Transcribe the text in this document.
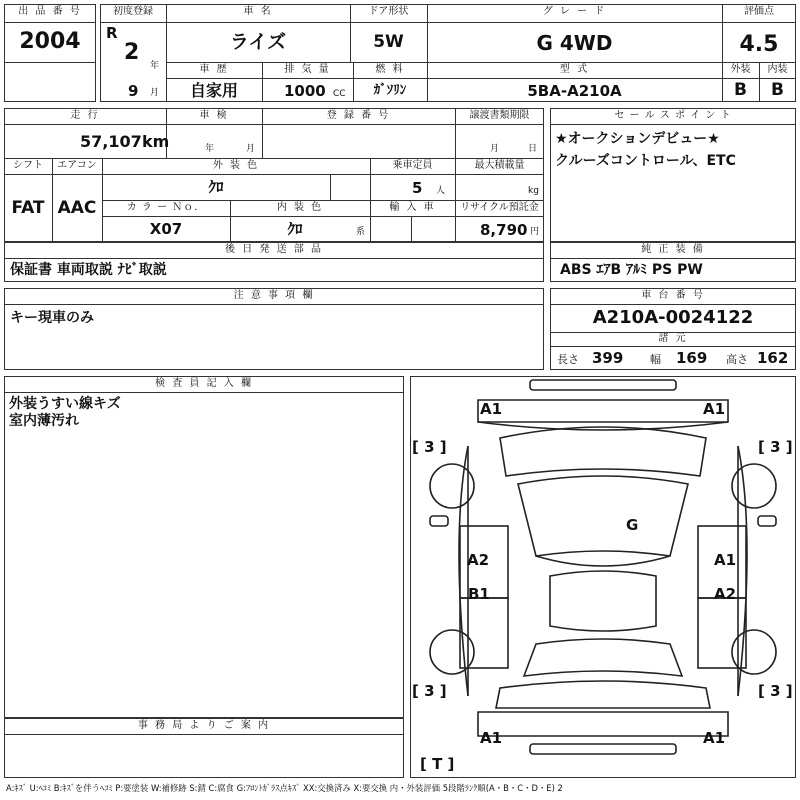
出 品 番 号
2004
初度登録
R
2
年
9 月
車 名
ライズ
ドア形状
5W
グ レ ー ド
G 4WD
評価点
4.5
車 歴
自家用
排 気 量
1000 CC
燃 料
ｶﾞｿﾘﾝ
型 式
5BA-A210A
外装	内装
B	B
走 行
57,107 km
車 検
年	月
登 録 番 号	譲渡書類期限
月	日
シフト
FAT
エアコン
AAC
外 装 色
ｸﾛ
乗車定員
5 人
最大積載量
kg
カ ラ ー Ｎｏ．
X07
内 装 色
ｸﾛ	系
輸 入 車	リサイクル預託金
8,790 円
セ ー ル ス ポ イ ン ト
★オークションデビュー★
クルーズコントロール、ETC
後 日 発 送 部 品
保証書 車両取説 ﾅﾋﾞ取説
純 正 装 備
ABS ｴｱB ｱﾙﾐ PS PW
注 意 事 項 欄
キー現車のみ
車 台 番 号
A210A-0024122
諸 元
長さ 399 幅 169 高さ 162
検 査 員 記 入 欄
外装うすい線キズ
室内薄汚れ
事 務 局 よ り ご 案 内
A1	A1
G
A2
B1
A1
A2
A1	A1
[ 3 ]	[ 3 ]
[ 3 ]	[ 3 ]
[ T ]
A:ｷｽﾞ U:ﾍｺﾐ B:ｷｽﾞを伴うﾍｺﾐ P:要塗装 W:補修跡 S:錆 C:腐食 G:ﾌﾛﾝﾄｶﾞﾗｽ点ｷｽﾞ XX:交換済み X:要交換 内・外装評価 5段階ﾗﾝｸ順(A・B・C・D・E) 2
